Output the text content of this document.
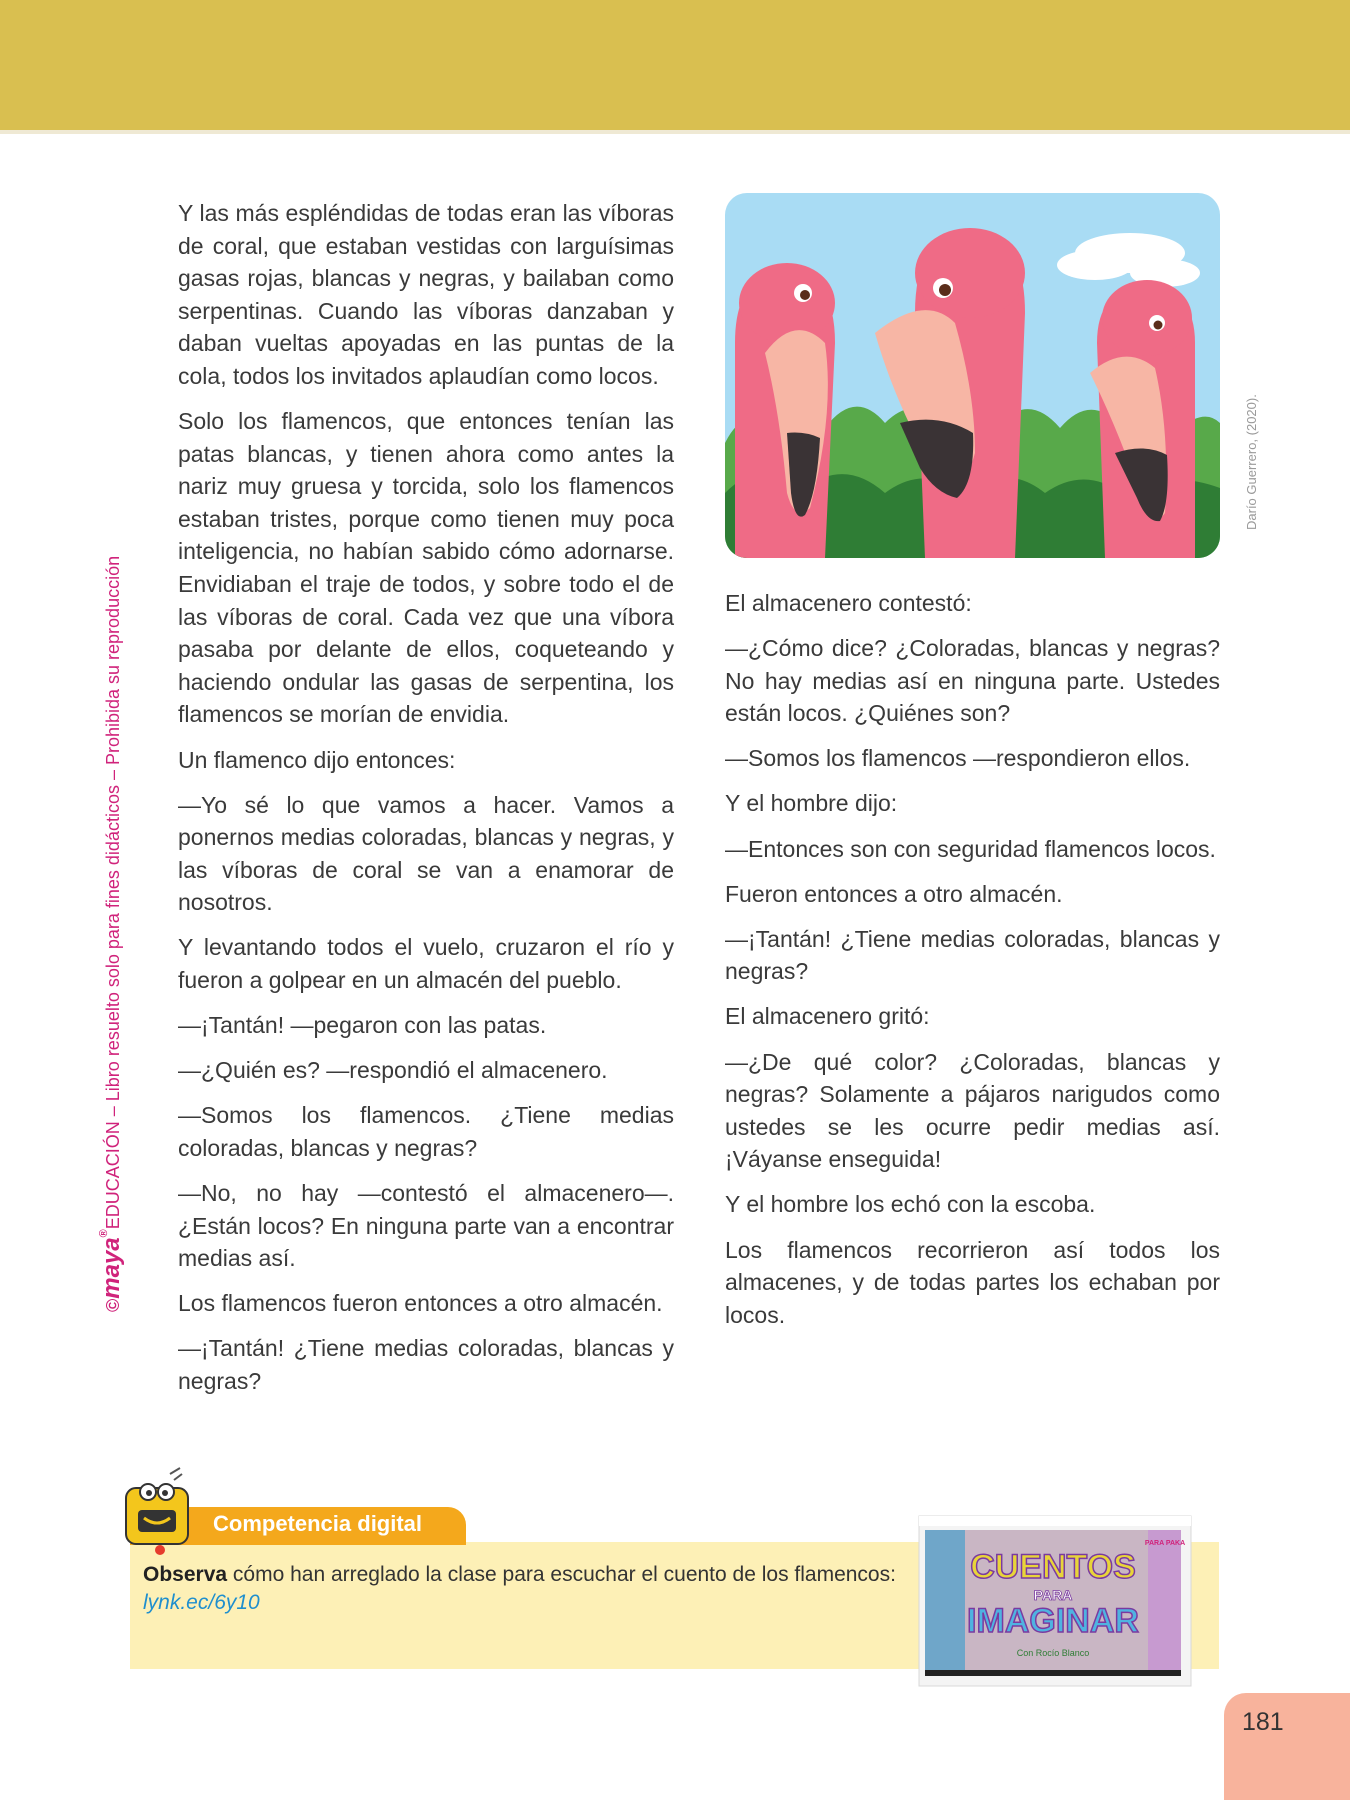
©maya®EDUCACIÓN – Libro resuelto solo para fines didácticos – Prohibida su reproducción

Y las más espléndidas de todas eran las víboras de coral, que estaban vestidas con larguísimas gasas rojas, blancas y negras, y bailaban como serpentinas. Cuando las víboras danzaban y daban vueltas apoyadas en las puntas de la cola, todos los invitados aplaudían como locos.

Solo los flamencos, que entonces tenían las patas blancas, y tienen ahora como antes la nariz muy gruesa y torcida, solo los flamencos estaban tristes, porque como tienen muy poca inteligencia, no habían sabido cómo adornarse. Envidiaban el traje de todos, y sobre todo el de las víboras de coral. Cada vez que una víbora pasaba por delante de ellos, coqueteando y haciendo ondular las gasas de serpentina, los flamencos se morían de envidia.

Un flamenco dijo entonces:

—Yo sé lo que vamos a hacer. Vamos a ponernos medias coloradas, blancas y negras, y las víboras de coral se van a enamorar de nosotros.

Y levantando todos el vuelo, cruzaron el río y fueron a golpear en un almacén del pueblo.

—¡Tantán! —pegaron con las patas.

—¿Quién es? —respondió el almacenero.

—Somos los flamencos. ¿Tiene medias coloradas, blancas y negras?

—No, no hay —contestó el almacenero—. ¿Están locos? En ninguna parte van a encontrar medias así.

Los flamencos fueron entonces a otro almacén.

—¡Tantán! ¿Tiene medias coloradas, blancas y negras?

Darío Guerrero, (2020).

El almacenero contestó:

—¿Cómo dice? ¿Coloradas, blancas y negras? No hay medias así en ninguna parte. Ustedes están locos. ¿Quiénes son?

—Somos los flamencos —respondieron ellos.

Y el hombre dijo:

—Entonces son con seguridad flamencos locos.

Fueron entonces a otro almacén.

—¡Tantán! ¿Tiene medias coloradas, blancas y negras?

El almacenero gritó:

—¿De qué color? ¿Coloradas, blancas y negras? Solamente a pájaros narigudos como ustedes se les ocurre pedir medias así. ¡Váyanse enseguida!

Y el hombre los echó con la escoba.

Los flamencos recorrieron así todos los almacenes, y de todas partes los echaban por locos.

Competencia digital
Observa cómo han arreglado la clase para escuchar el cuento de los flamencos:
lynk.ec/6y10
CUENTOS
PARA
IMAGINAR
Con Rocío Blanco
PARA PAKA
181
